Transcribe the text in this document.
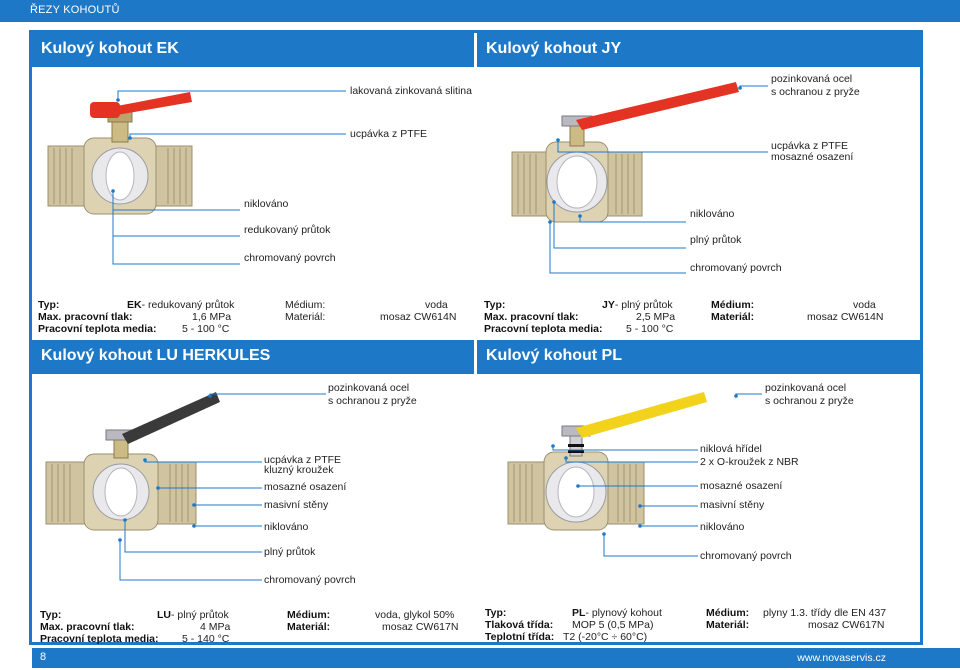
ŘEZY KOHOUTŮ
Kulový kohout EK	Kulový kohout JY
Kulový kohout LU HERKULES	Kulový kohout PL
lakovaná zinkovaná slitina
ucpávka z PTFE
niklováno
redukovaný průtok
chromovaný povrch
pozinkovaná ocel
s ochranou z pryže
ucpávka z PTFE
mosazné osazení
niklováno
plný průtok
chromovaný povrch
Typ:	EK- redukovaný průtok
Max. pracovní tlak:	1,6 MPa
Pracovní teplota media: 5 - 100 °C
Médium:	voda
Materiál:	mosaz CW614N
Typ:	JY- plný průtok
Max. pracovní tlak:	2,5 MPa
Pracovní teplota media: 5 - 100 °C
Médium:	voda
Materiál:	mosaz CW614N
pozinkovaná ocel
s ochranou z pryže
ucpávka z PTFE
kluzný kroužek
mosazné osazení
masivní stěny
niklováno
plný průtok
chromovaný povrch
pozinkovaná ocel
s ochranou z pryže
niklová hřídel
2 x O-kroužek z NBR
mosazné osazení
masivní stěny
niklováno
chromovaný povrch
Typ:	LU- plný průtok
Max. pracovní tlak:	4 MPa
Pracovní teplota media: 5 - 140 °C
Médium:	voda, glykol 50%
Materiál:	mosaz CW617N
Typ:	PL- plynový kohout
Tlaková třída: MOP 5 (0,5 MPa)
Teplotní třída: T2 (-20°C ÷ 60°C)
Médium: plyny 1.3. třídy dle EN 437
Materiál:	mosaz CW617N
8	www.novaservis.cz
